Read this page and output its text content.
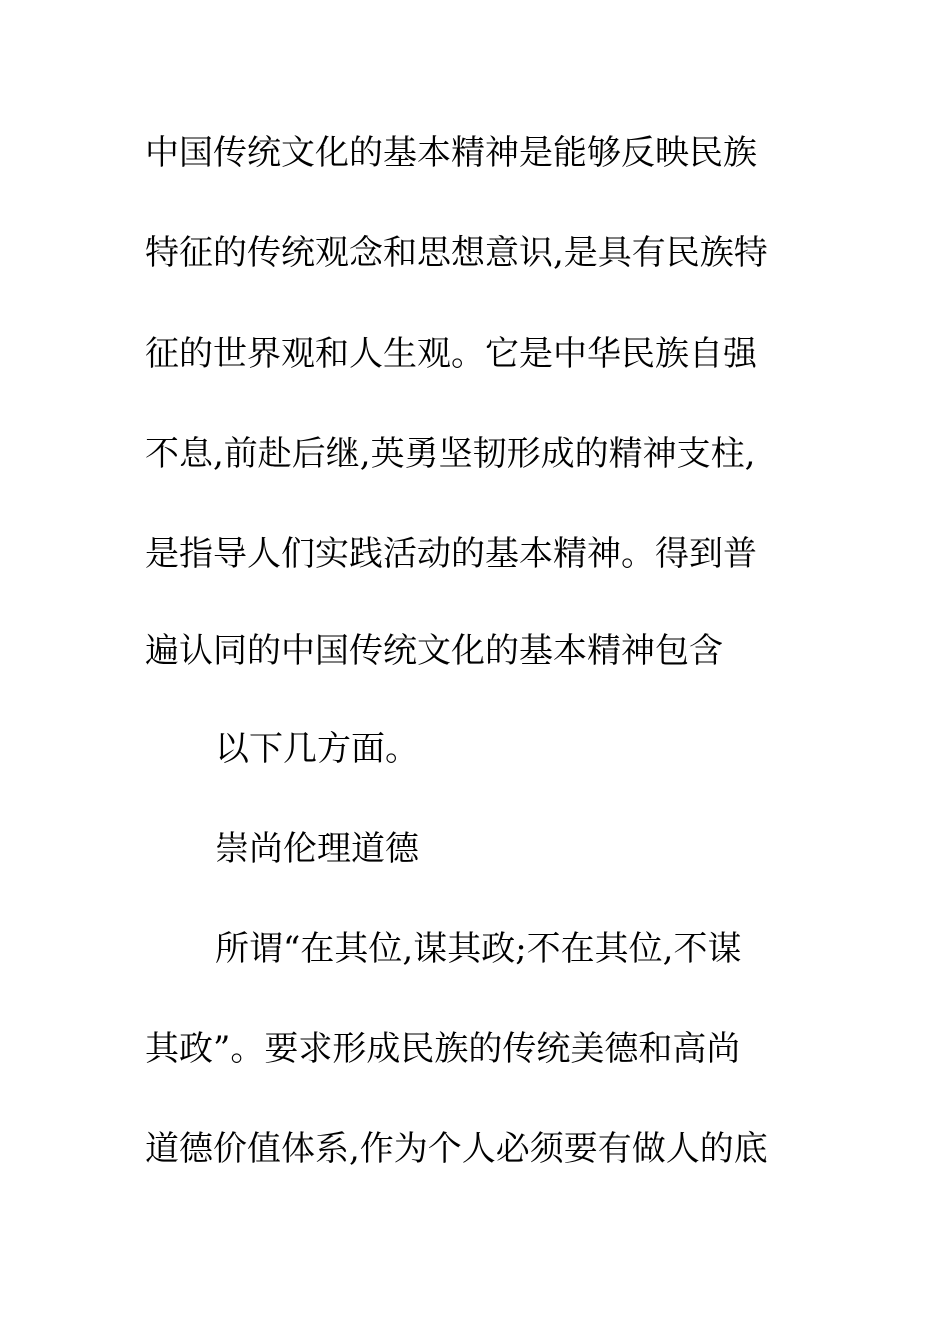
中国传统文化的基本精神是能够反映民族
特征的传统观念和思想意识,是具有民族特
征的世界观和人生观。它是中华民族自强
不息,前赴后继,英勇坚韧形成的精神支柱,
是指导人们实践活动的基本精神。得到普
遍认同的中国传统文化的基本精神包含
以下几方面。
崇尚伦理道德
所谓“在其位,谋其政;不在其位,不谋
其政”。要求形成民族的传统美德和高尚
道德价值体系,作为个人必须要有做人的底
